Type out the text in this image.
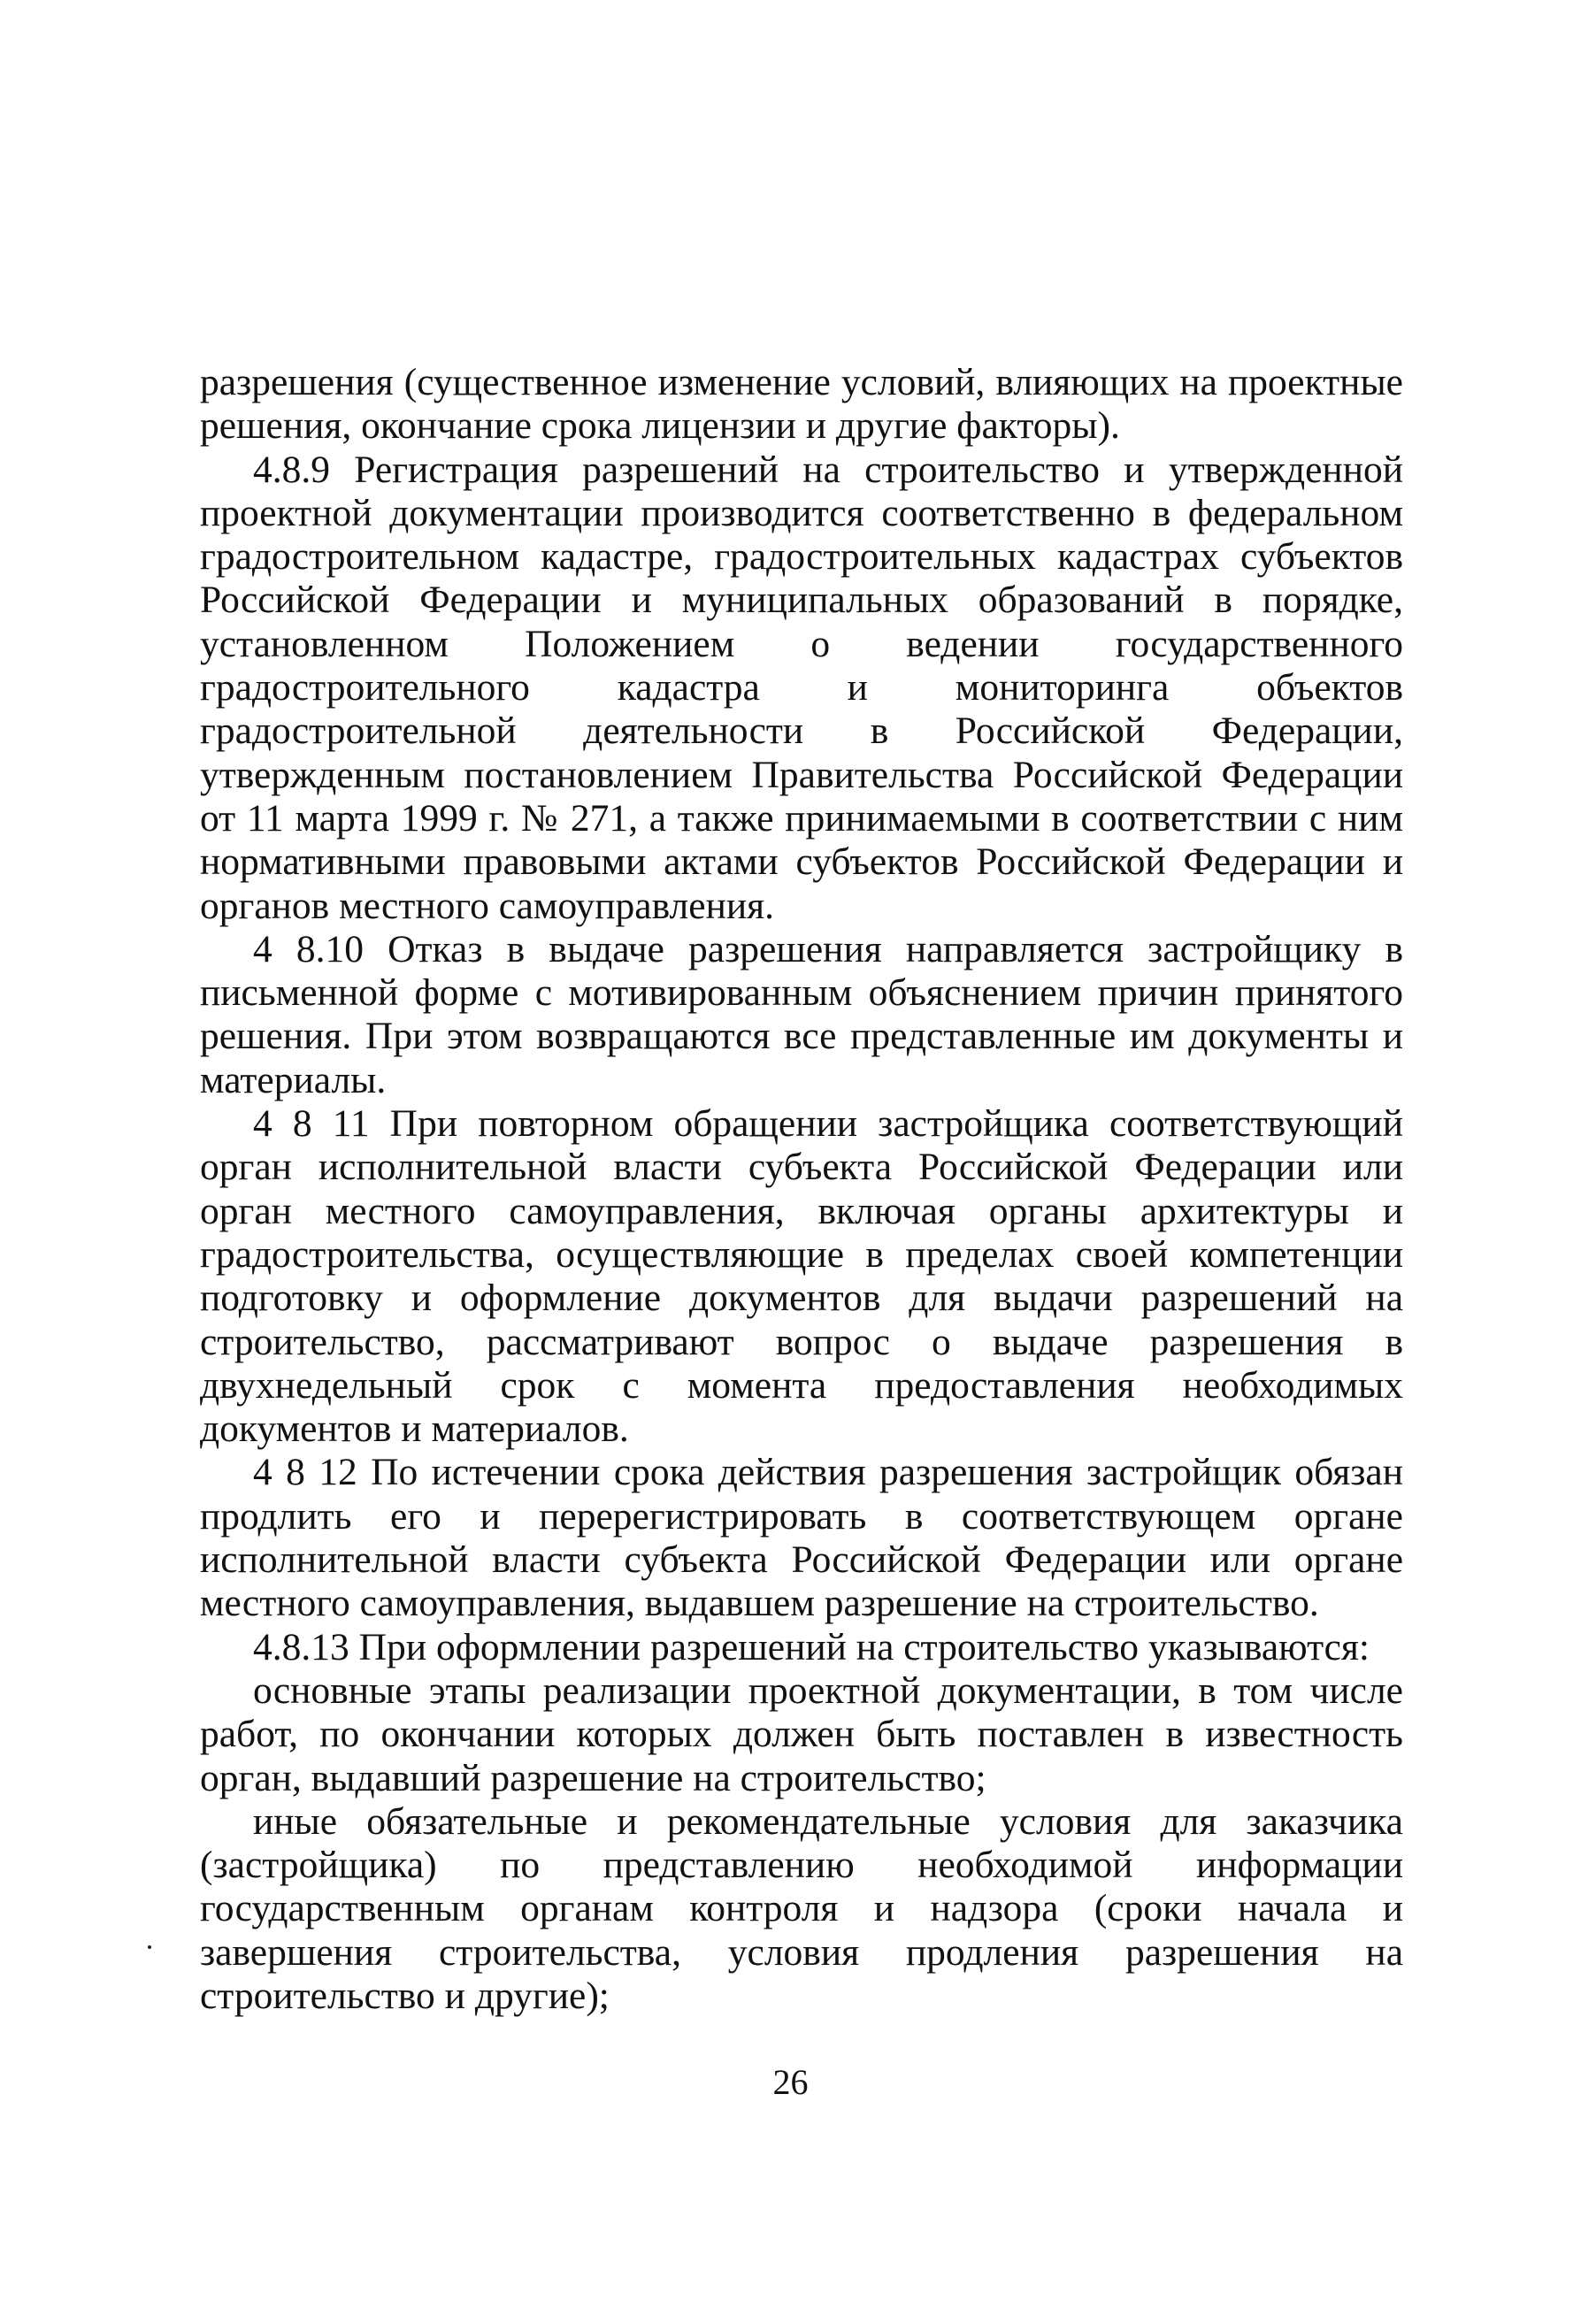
разрешения (существенное изменение условий, влияющих на проектные решения, окончание срока лицензии и другие факторы).

4.8.9 Регистрация разрешений на строительство и утвержденной проектной документации производится соответственно в федеральном градостроительном кадастре, градостроительных кадастрах субъектов Российской Федерации и муниципальных образований в порядке, установленном Положением о ведении государственного градостроительного кадастра и мониторинга объектов градостроительной деятельности в Российской Федерации, утвержденным постановлением Правительства Российской Федерации от 11 марта 1999 г. № 271, а также принимаемыми в соответствии с ним нормативными правовыми актами субъектов Российской Федерации и органов местного самоуправления.

4 8.10 Отказ в выдаче разрешения направляется застройщику в письменной форме с мотивированным объяснением причин принятого решения. При этом возвращаются все представленные им документы и материалы.

4 8 11 При повторном обращении застройщика соответствующий орган исполнительной власти субъекта Российской Федерации или орган местного самоуправления, включая органы архитектуры и градостроительства, осуществляющие в пределах своей компетенции подготовку и оформление документов для выдачи разрешений на строительство, рассматривают вопрос о выдаче разрешения в двухнедельный срок с момента предоставления необходимых документов и материалов.

4 8 12 По истечении срока действия разрешения застройщик обязан продлить его и перерегистрировать в соответствующем органе исполнительной власти субъекта Российской Федерации или органе местного самоуправления, выдавшем разрешение на строительство.

4.8.13 При оформлении разрешений на строительство указываются:

основные этапы реализации проектной документации, в том числе работ, по окончании которых должен быть поставлен в известность орган, выдавший разрешение на строительство;

иные обязательные и рекомендательные условия для заказчика (застройщика) по представлению необходимой информации государственным органам контроля и надзора (сроки начала и завершения строительства, условия продления разрешения на строительство и другие);

26
